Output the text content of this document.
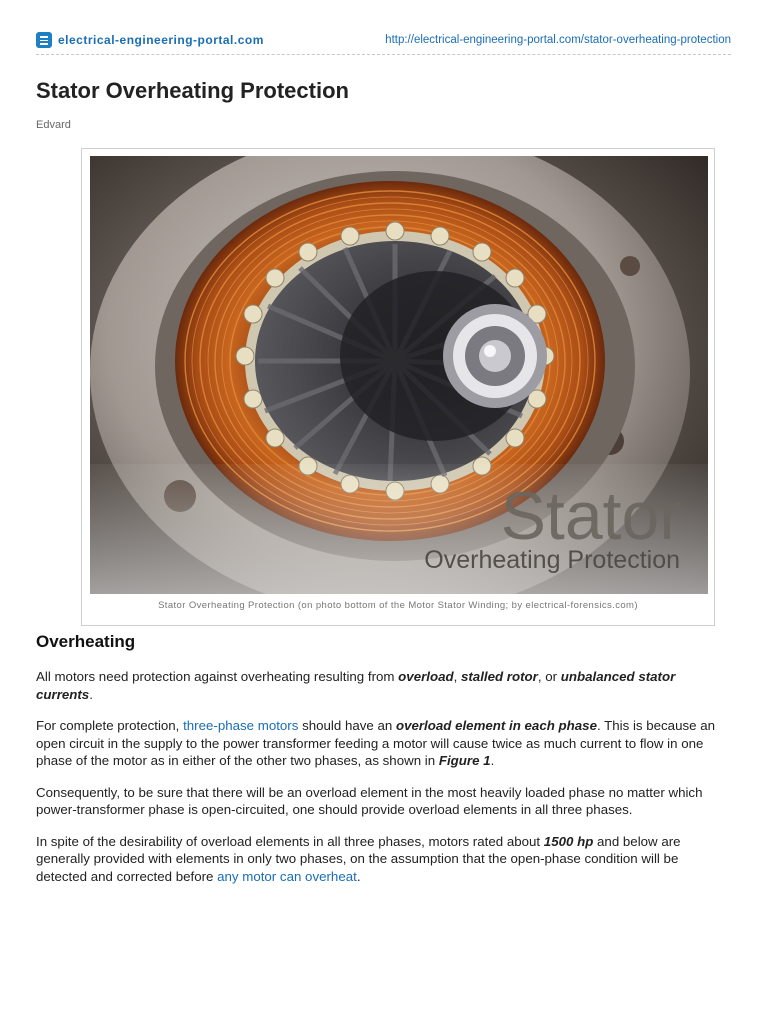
electrical-engineering-portal.com	http://electrical-engineering-portal.com/stator-overheating-protection
Stator Overheating Protection
Edvard
Stator
Overheating Protection
Stator Overheating Protection (on photo bottom of the Motor Stator Winding; by electrical-forensics.com)
Overheating

All motors need protection against overheating resulting from overload, stalled rotor, or unbalanced stator currents.

For complete protection, three-phase motors should have an overload element in each phase. This is because an open circuit in the supply to the power transformer feeding a motor will cause twice as much current to flow in one phase of the motor as in either of the other two phases, as shown in Figure 1.

Consequently, to be sure that there will be an overload element in the most heavily loaded phase no matter which power-transformer phase is open-circuited, one should provide overload elements in all three phases.

In spite of the desirability of overload elements in all three phases, motors rated about 1500 hp and below are generally provided with elements in only two phases, on the assumption that the open-phase condition will be detected and corrected before any motor can overheat.
